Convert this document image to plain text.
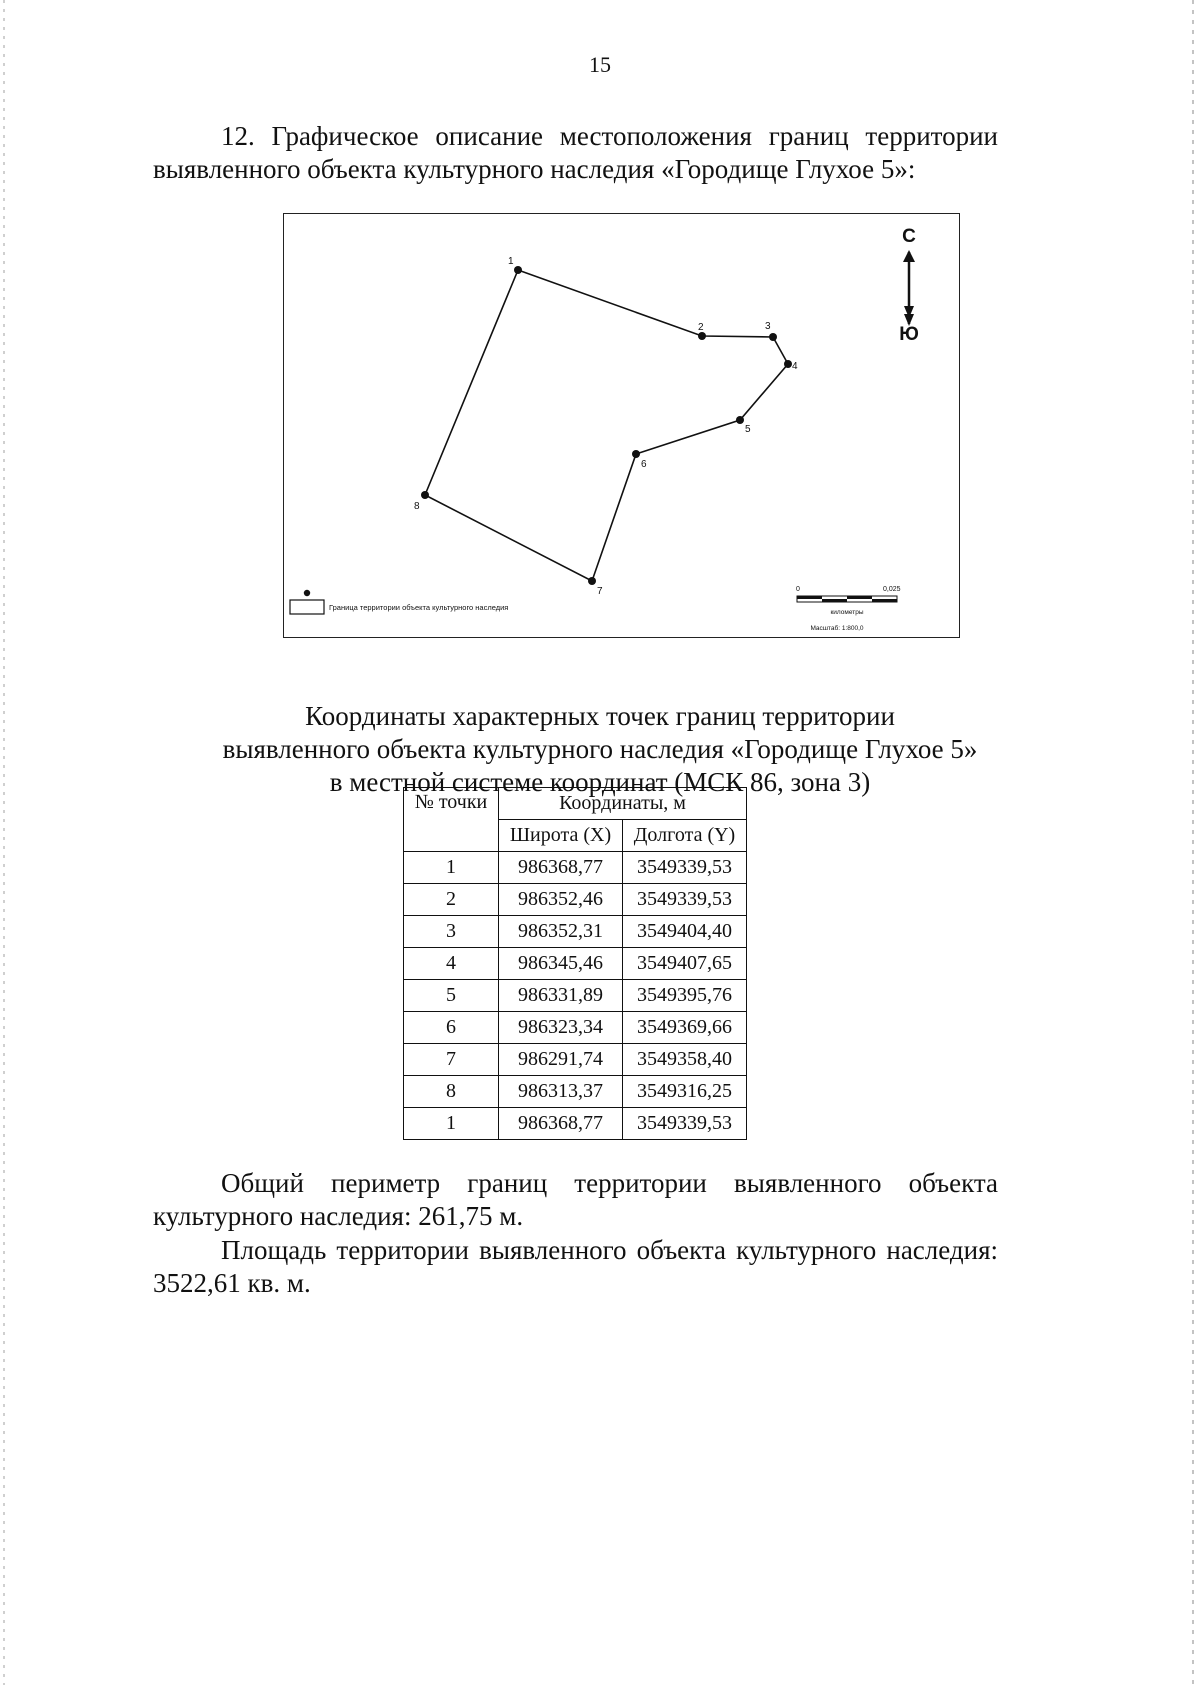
15

12. Графическое описание местоположения границ территории выявленного объекта культурного наследия «Городище Глухое 5»:

1
2	3
4
5
6
7
8
С
Ю
Граница территории объекта культурного наследия
0	0,025
километры
Масштаб: 1:800,0
Координаты характерных точек границ территории
выявленного объекта культурного наследия «Городище Глухое 5»
в местной системе координат (МСК 86, зона 3)
№ точки	Координаты, м	
	Широта (X)	Долгота (Y)
1	986368,77	3549339,53
2	986352,46	3549339,53
3	986352,31	3549404,40
4	986345,46	3549407,65
5	986331,89	3549395,76
6	986323,34	3549369,66
7	986291,74	3549358,40
8	986313,37	3549316,25
1	986368,77	3549339,53

Общий периметр границ территории выявленного объекта культурного наследия: 261,75 м.

Площадь территории выявленного объекта культурного наследия: 3522,61 кв. м.
